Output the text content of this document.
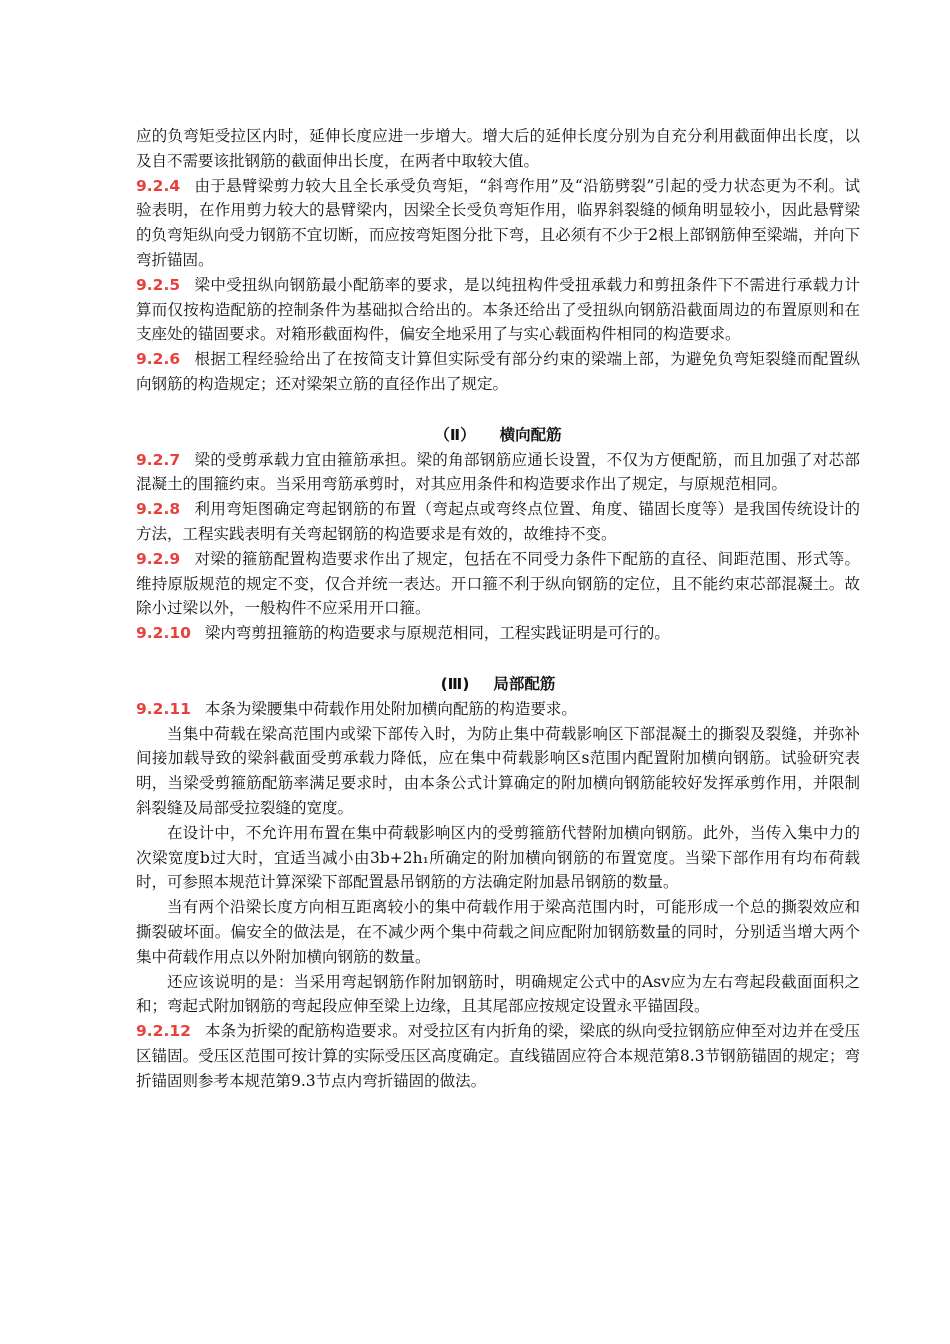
应的负弯矩受拉区内时，延伸长度应进一步增大。增大后的延伸长度分别为自充分利用截面伸出长度，以及自不需要该批钢筋的截面伸出长度，在两者中取较大值。

9.2.4 由于悬臂梁剪力较大且全长承受负弯矩，“斜弯作用”及“沿筋劈裂”引起的受力状态更为不利。试验表明，在作用剪力较大的悬臂梁内，因梁全长受负弯矩作用，临界斜裂缝的倾角明显较小，因此悬臂梁的负弯矩纵向受力钢筋不宜切断，而应按弯矩图分批下弯，且必须有不少于2根上部钢筋伸至梁端，并向下弯折锚固。

9.2.5 梁中受扭纵向钢筋最小配筋率的要求，是以纯扭构件受扭承载力和剪扭条件下不需进行承载力计算而仅按构造配筋的控制条件为基础拟合给出的。本条还给出了受扭纵向钢筋沿截面周边的布置原则和在支座处的锚固要求。对箱形截面构件，偏安全地采用了与实心载面构件相同的构造要求。

9.2.6 根据工程经验给出了在按简支计算但实际受有部分约束的梁端上部，为避免负弯矩裂缝而配置纵向钢筋的构造规定；还对梁架立筋的直径作出了规定。

（Ⅱ） 横向配筋

9.2.7 梁的受剪承载力宜由箍筋承担。梁的角部钢筋应通长设置，不仅为方便配筋，而且加强了对芯部混凝土的围箍约束。当采用弯筋承剪时，对其应用条件和构造要求作出了规定，与原规范相同。

9.2.8 利用弯矩图确定弯起钢筋的布置（弯起点或弯终点位置、角度、锚固长度等）是我国传统设计的方法，工程实践表明有关弯起钢筋的构造要求是有效的，故维持不变。

9.2.9 对梁的箍筋配置构造要求作出了规定，包括在不同受力条件下配筋的直径、间距范围、形式等。维持原版规范的规定不变，仅合并统一表达。开口箍不利于纵向钢筋的定位，且不能约束芯部混凝土。故除小过梁以外，一般构件不应采用开口箍。

9.2.10 梁内弯剪扭箍筋的构造要求与原规范相同，工程实践证明是可行的。

(Ⅲ) 局部配筋

9.2.11 本条为梁腰集中荷载作用处附加横向配筋的构造要求。

当集中荷载在梁高范围内或梁下部传入时，为防止集中荷载影响区下部混凝土的撕裂及裂缝，并弥补间接加载导致的梁斜截面受剪承载力降低，应在集中荷载影响区s范围内配置附加横向钢筋。试验研究表明，当梁受剪箍筋配筋率满足要求时，由本条公式计算确定的附加横向钢筋能较好发挥承剪作用，并限制斜裂缝及局部受拉裂缝的宽度。

在设计中，不允许用布置在集中荷载影响区内的受剪箍筋代替附加横向钢筋。此外，当传入集中力的次梁宽度b过大时，宜适当减小由3b+2h₁所确定的附加横向钢筋的布置宽度。当梁下部作用有均布荷载时，可参照本规范计算深梁下部配置悬吊钢筋的方法确定附加悬吊钢筋的数量。

当有两个沿梁长度方向相互距离较小的集中荷载作用于梁高范围内时，可能形成一个总的撕裂效应和撕裂破坏面。偏安全的做法是，在不减少两个集中荷载之间应配附加钢筋数量的同时，分别适当增大两个集中荷载作用点以外附加横向钢筋的数量。

还应该说明的是：当采用弯起钢筋作附加钢筋时，明确规定公式中的Asv应为左右弯起段截面面积之和；弯起式附加钢筋的弯起段应伸至梁上边缘，且其尾部应按规定设置永平锚固段。

9.2.12 本条为折梁的配筋构造要求。对受拉区有内折角的梁，梁底的纵向受拉钢筋应伸至对边并在受压区锚固。受压区范围可按计算的实际受压区高度确定。直线锚固应符合本规范第8.3节钢筋锚固的规定；弯折锚固则参考本规范第9.3节点内弯折锚固的做法。
